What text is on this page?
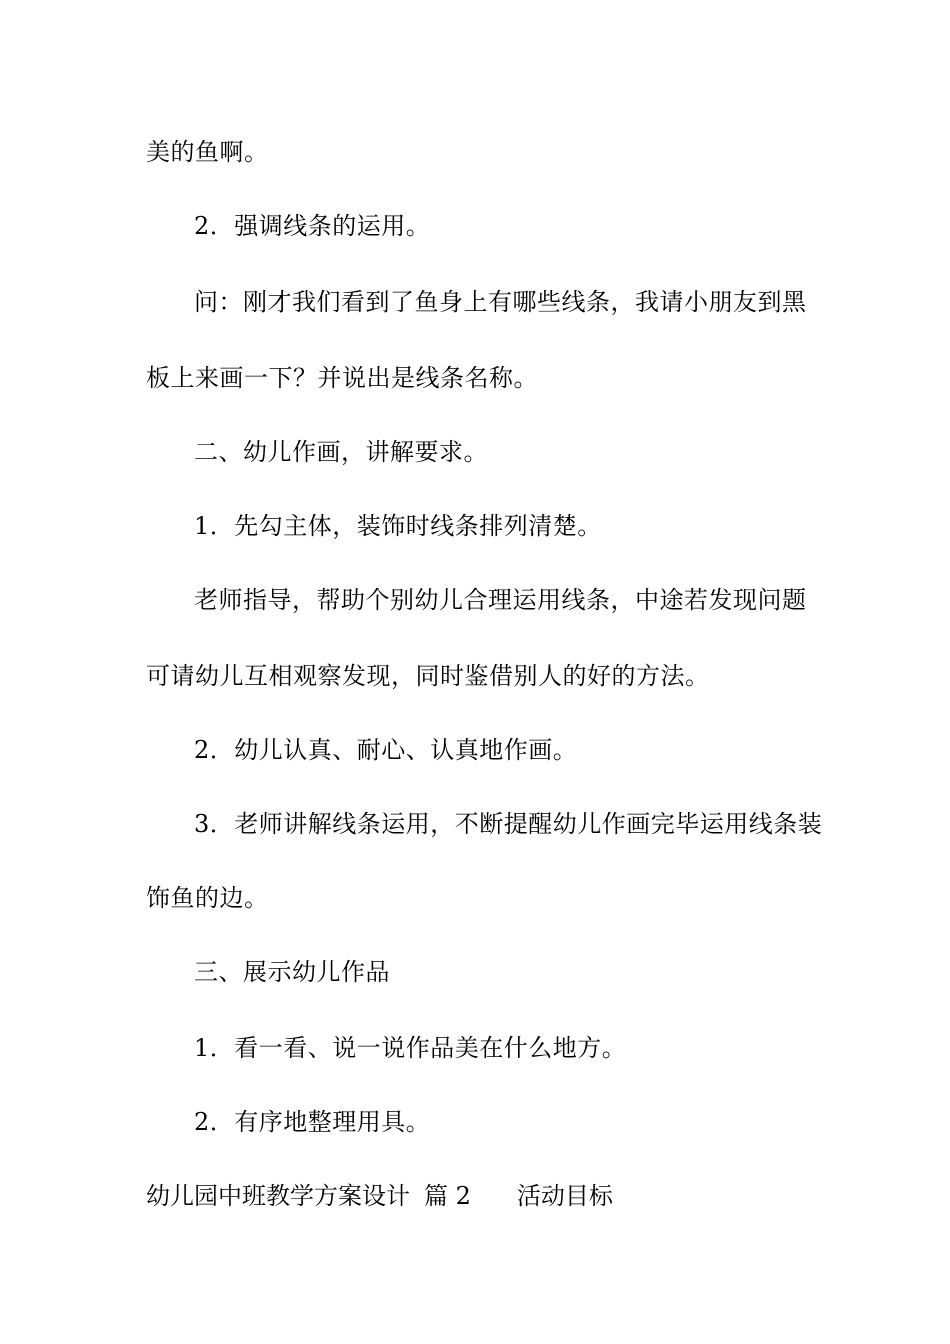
美的鱼啊。
2．强调线条的运用。
问：刚才我们看到了鱼身上有哪些线条，我请小朋友到黑
板上来画一下？并说出是线条名称。
二、幼儿作画，讲解要求。
1．先勾主体，装饰时线条排列清楚。
老师指导，帮助个别幼儿合理运用线条，中途若发现问题
可请幼儿互相观察发现，同时鉴借别人的好的方法。
2．幼儿认真、耐心、认真地作画。
3．老师讲解线条运用，不断提醒幼儿作画完毕运用线条装
饰鱼的边。
三、展示幼儿作品
1．看一看、说一说作品美在什么地方。
2．有序地整理用具。
幼儿园中班教学方案设计 篇 2 活动目标
